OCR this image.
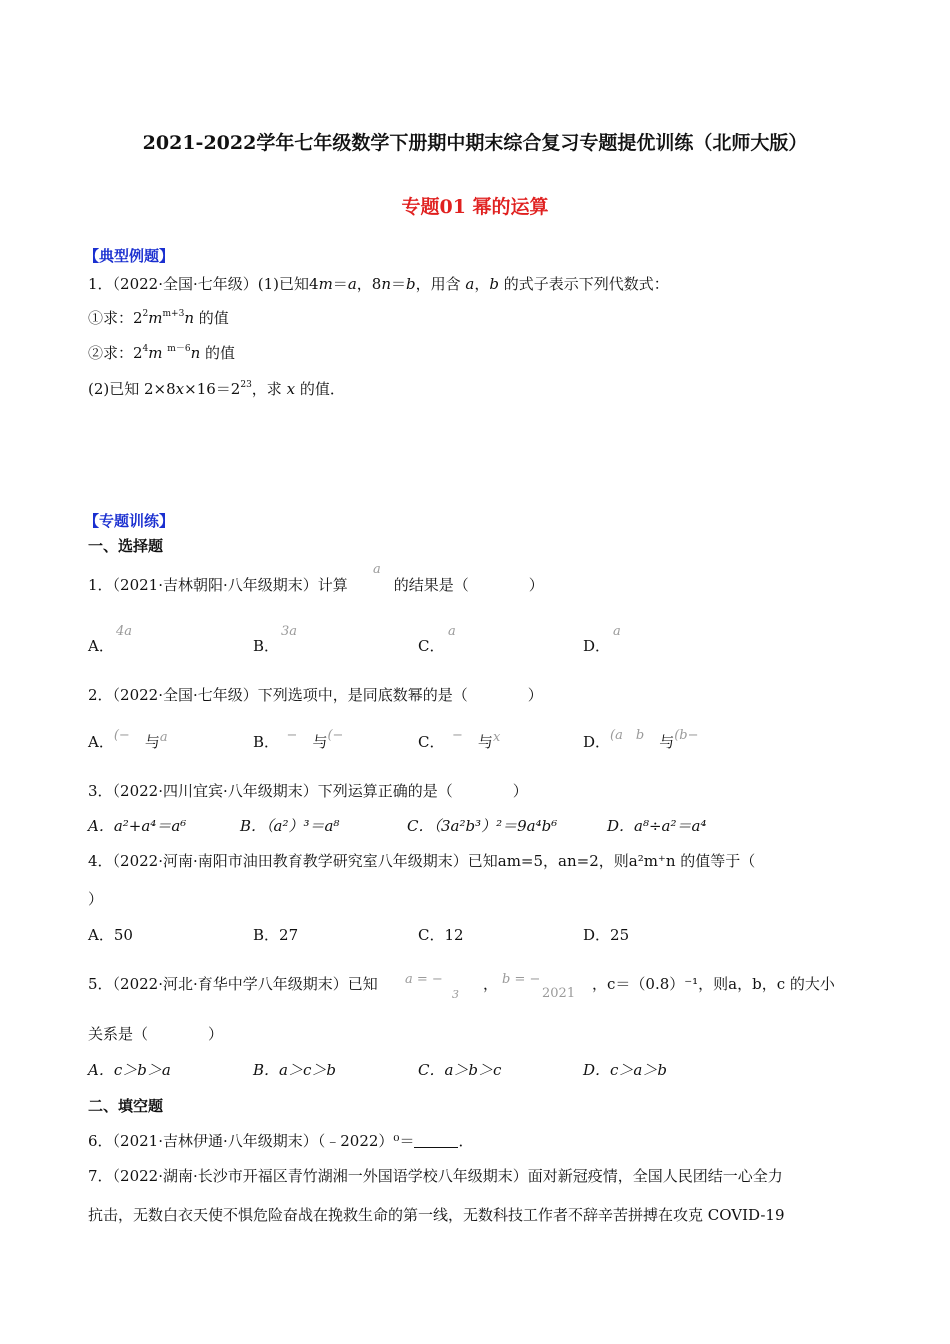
2021-2022学年七年级数学下册期中期末综合复习专题提优训练（北师大版）
专题01 幂的运算
【典型例题】
1．（2022·全国·七年级）(1)已知4m＝a，8n＝b，用含 a，b 的式子表示下列代数式：
①求：$2^2m^{m+3}n$ 的值
②求：$2^4m$ $^{m-6}$n 的值
(2)已知 $2\times 8x\times 16=2^{23}$，求 x 的值．
【专题训练】
一、选择题
1．（2021·吉林朝阳·八年级期末）计算	的结果是（　　　　）
a
A．
4a
B．
3a
C．
a
D．
a
2．（2022·全国·七年级）下列选项中，是同底数幂的是（　　　　）
A．(−　 与a	B．　 −　 与(−	C．　 −　 与x	D．(a　b　 与(b−
3．（2022·四川宜宾·八年级期末）下列运算正确的是（　　　　）
A．a²+a⁴＝a⁶	B．（a²）³＝a⁸	C．（3a²b³）²＝9a⁴b⁶	D．a⁸÷a²＝a⁴
4．（2022·河南·南阳市油田教育教学研究室八年级期末）已知am=5，an=2，则a²m⁺n 的值等于（
）
A．50	B．27	C．12	D．25
5．（2022·河北·育华中学八年级期末）已知 a = −
3
， b = −
2021
，c＝（0.8）⁻¹，则a，b，c 的大小
关系是（　　　　）
A．c＞b＞a	B．a＞c＞b	C．a＞b＞c	D．c＞a＞b
二、填空题
6．（2021·吉林伊通·八年级期末）（﹣2022）⁰＝	．
7．（2022·湖南·长沙市开福区青竹湖湘一外国语学校八年级期末）面对新冠疫情，全国人民团结一心全力
抗击，无数白衣天使不惧危险奋战在挽救生命的第一线，无数科技工作者不辞辛苦拼搏在攻克 COVID-19
